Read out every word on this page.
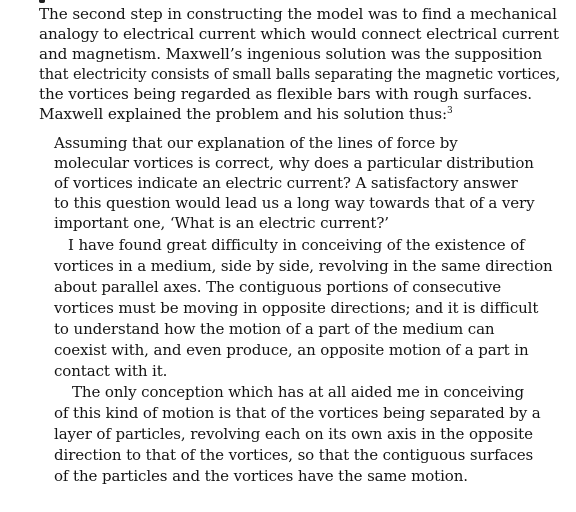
The second step in constructing the model was to find a mechanical
analogy to electrical current which would connect electrical current
and magnetism. Maxwell’s ingenious solution was the supposition
that electricity consists of small balls separating the magnetic vortices,
the vortices being regarded as flexible bars with rough surfaces.
Maxwell explained the problem and his solution thus:$^3$
Assuming that our explanation of the lines of force by
molecular vortices is correct, why does a particular distribution
of vortices indicate an electric current? A satisfactory answer
to this question would lead us a long way towards that of a very
important one, ‘What is an electric current?’
I have found great difficulty in conceiving of the existence of
vortices in a medium, side by side, revolving in the same direction
about parallel axes. The contiguous portions of consecutive
vortices must be moving in opposite directions; and it is difficult
to understand how the motion of a part of the medium can
coexist with, and even produce, an opposite motion of a part in
contact with it.
The only conception which has at all aided me in conceiving
of this kind of motion is that of the vortices being separated by a
layer of particles, revolving each on its own axis in the opposite
direction to that of the vortices, so that the contiguous surfaces
of the particles and the vortices have the same motion.
